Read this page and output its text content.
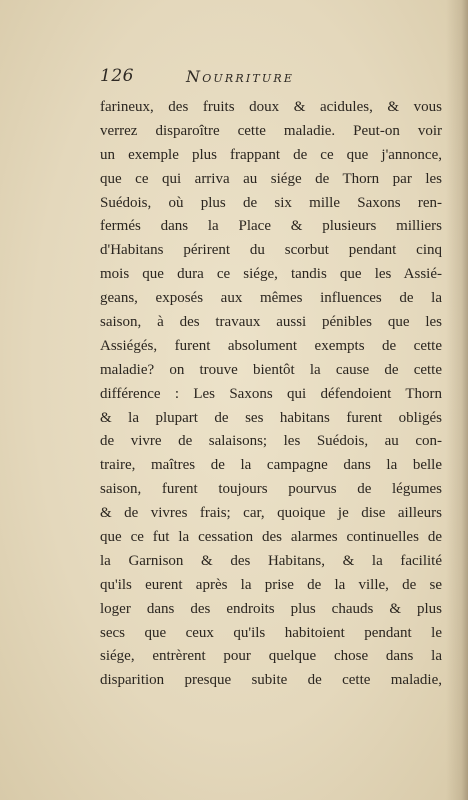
126	Nourriture
farineux, des fruits doux & acidules, & vous
verrez disparoître cette maladie. Peut-on voir
un exemple plus frappant de ce que j'annonce,
que ce qui arriva au siége de Thorn par les
Suédois, où plus de six mille Saxons ren-
fermés dans la Place & plusieurs milliers
d'Habitans périrent du scorbut pendant cinq
mois que dura ce siége, tandis que les Assié-
geans, exposés aux mêmes influences de la
saison, à des travaux aussi pénibles que les
Assiégés, furent absolument exempts de cette
maladie? on trouve bientôt la cause de cette
différence : Les Saxons qui défendoient Thorn
& la plupart de ses habitans furent obligés
de vivre de salaisons; les Suédois, au con-
traire, maîtres de la campagne dans la belle
saison, furent toujours pourvus de légumes
& de vivres frais; car, quoique je dise ailleurs
que ce fut la cessation des alarmes continuelles de
la Garnison & des Habitans, & la facilité
qu'ils eurent après la prise de la ville, de se
loger dans des endroits plus chauds & plus
secs que ceux qu'ils habitoient pendant le
siége, entrèrent pour quelque chose dans la
disparition presque subite de cette maladie,
